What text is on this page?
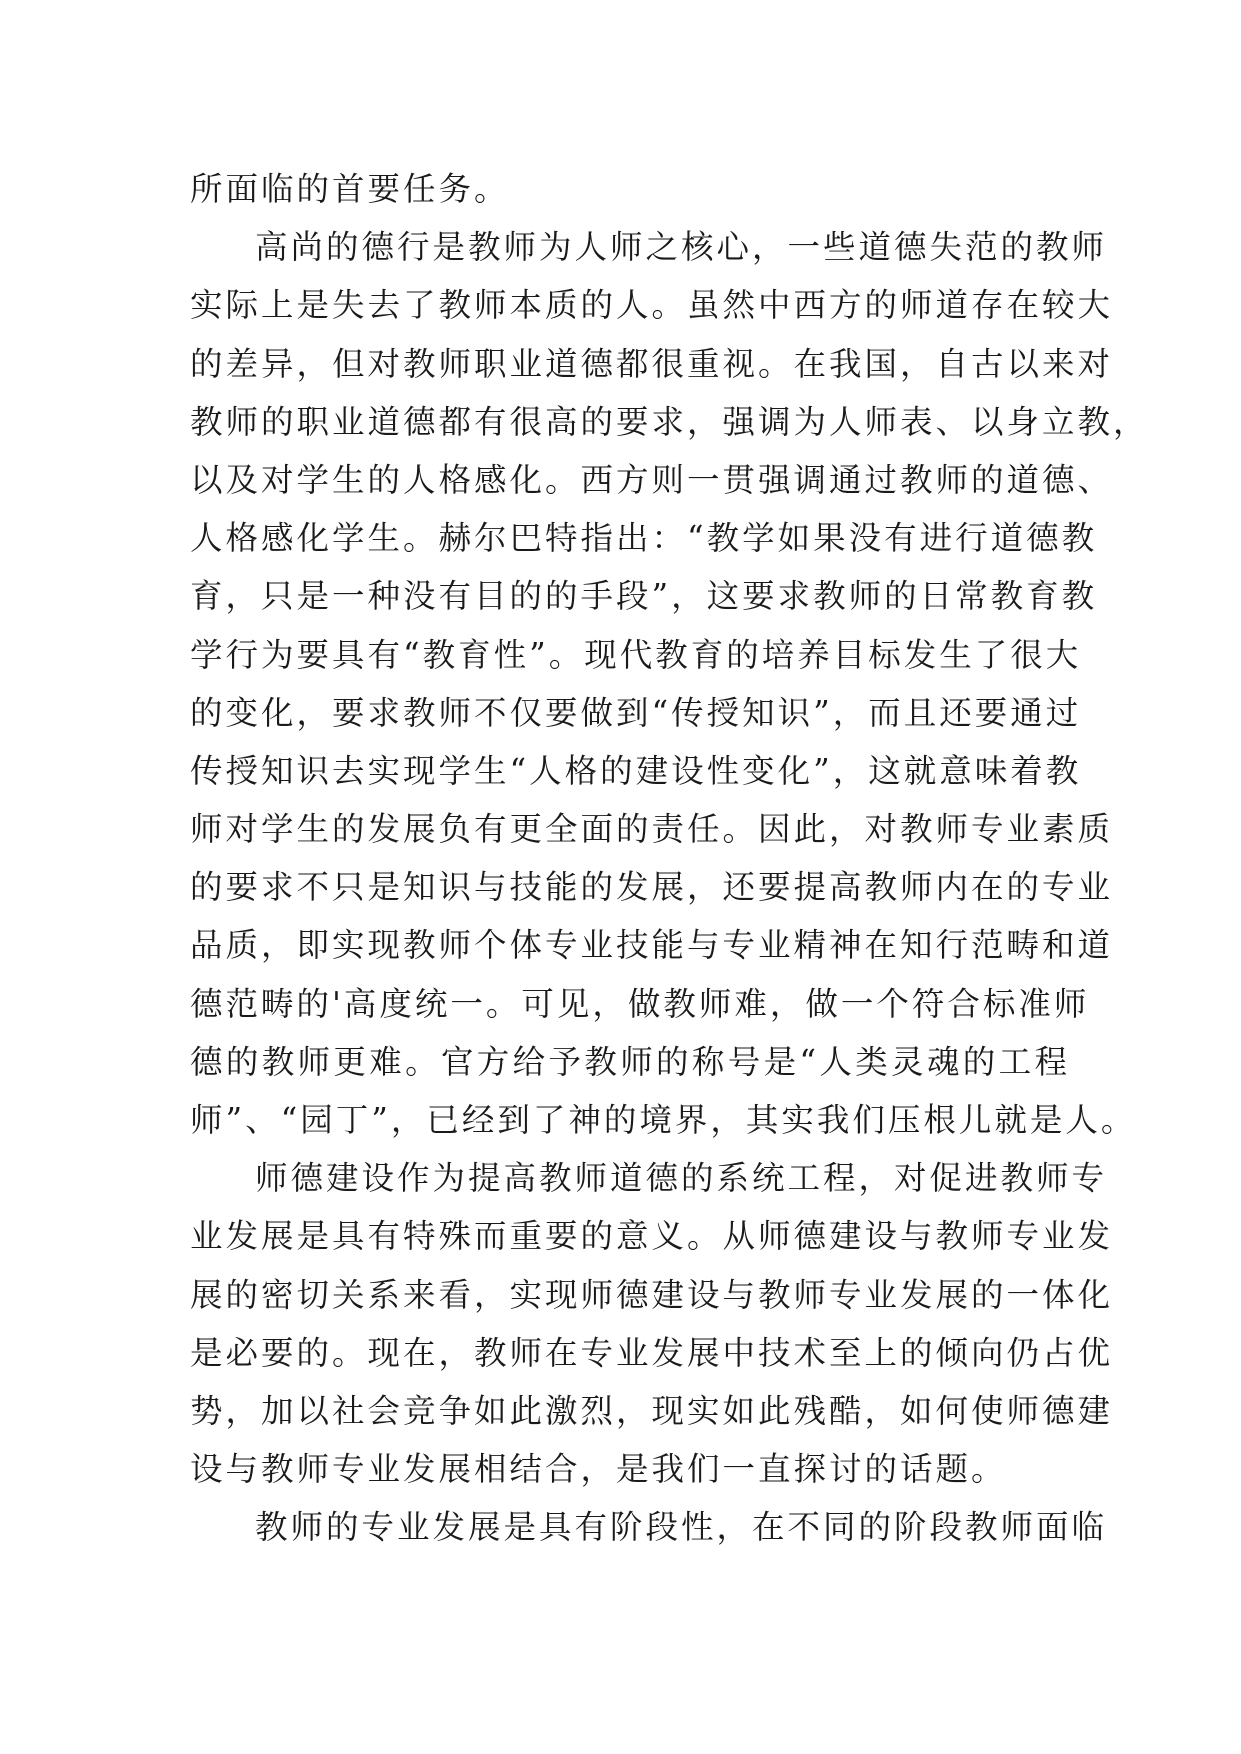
所面临的首要任务。
高尚的德行是教师为人师之核心，一些道德失范的教师
实际上是失去了教师本质的人。虽然中西方的师道存在较大
的差异，但对教师职业道德都很重视。在我国，自古以来对
教师的职业道德都有很高的要求，强调为人师表、以身立教，
以及对学生的人格感化。西方则一贯强调通过教师的道德、
人格感化学生。赫尔巴特指出：“教学如果没有进行道德教
育，只是一种没有目的的手段”，这要求教师的日常教育教
学行为要具有“教育性”。现代教育的培养目标发生了很大
的变化，要求教师不仅要做到“传授知识”，而且还要通过
传授知识去实现学生“人格的建设性变化”，这就意味着教
师对学生的发展负有更全面的责任。因此，对教师专业素质
的要求不只是知识与技能的发展，还要提高教师内在的专业
品质，即实现教师个体专业技能与专业精神在知行范畴和道
德范畴的'高度统一。可见，做教师难，做一个符合标准师
德的教师更难。官方给予教师的称号是“人类灵魂的工程
师”、“园丁”，已经到了神的境界，其实我们压根儿就是人。
师德建设作为提高教师道德的系统工程，对促进教师专
业发展是具有特殊而重要的意义。从师德建设与教师专业发
展的密切关系来看，实现师德建设与教师专业发展的一体化
是必要的。现在，教师在专业发展中技术至上的倾向仍占优
势，加以社会竞争如此激烈，现实如此残酷，如何使师德建
设与教师专业发展相结合，是我们一直探讨的话题。
教师的专业发展是具有阶段性，在不同的阶段教师面临
